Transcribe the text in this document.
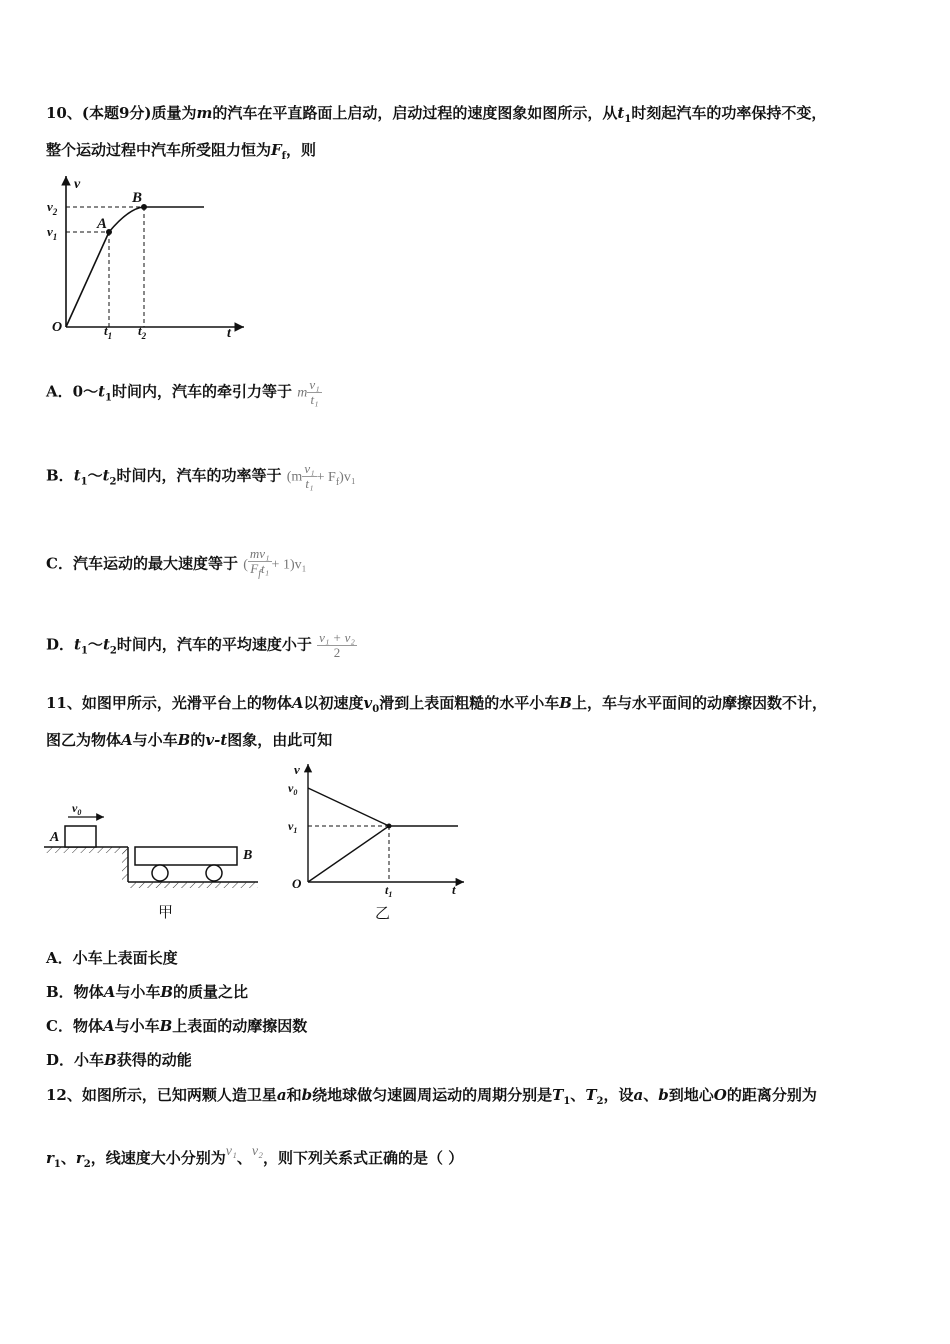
10、(本题9分)质量为m的汽车在平直路面上启动，启动过程的速度图象如图所示，从$t_1$时刻起汽车的功率保持不变，
整个运动过程中汽车所受阻力恒为$F_f$，则
v
t
O
$v_2$
$v_1$
$t_1$ $t_2$
A
B
A．$0\sim t_1$时间内，汽车的牵引力等于 m $\frac{\text{v₁}}{\text{t₁}}$
B．$t_1\sim t_2$时间内，汽车的功率等于 $(m \frac{\text{v₁}}{\text{t₁}} + F_f)v_1$
C．汽车运动的最大速度等于 ( $\frac{\text{mv₁}}{F_ft_1} + 1)v_1$
D．$t_1\sim t_2$时间内，汽车的平均速度小于 $\frac{\text{v₁ + v₂}}{2}$
11、如图甲所示，光滑平台上的物体A以初速度$v_0$滑到上表面粗糙的水平小车B上，车与水平面间的动摩擦因数不计，
图乙为物体A与小车B的v-t图象，由此可知
A
$v_0$
B
甲
v
t
O
$v_0$
$v_1$
$t_1$
乙
A．小车上表面长度
B．物体A与小车B的质量之比
C．物体A与小车B上表面的动摩擦因数
D．小车B获得的动能
12、如图所示，已知两颗人造卫星a和b绕地球做匀速圆周运动的周期分别是$T_1$、$T_2$，设a、b到地心O的距离分别为
$r_1$、$r_2$，线速度大小分别为v₁、v₂，则下列关系式正确的是（ ）
